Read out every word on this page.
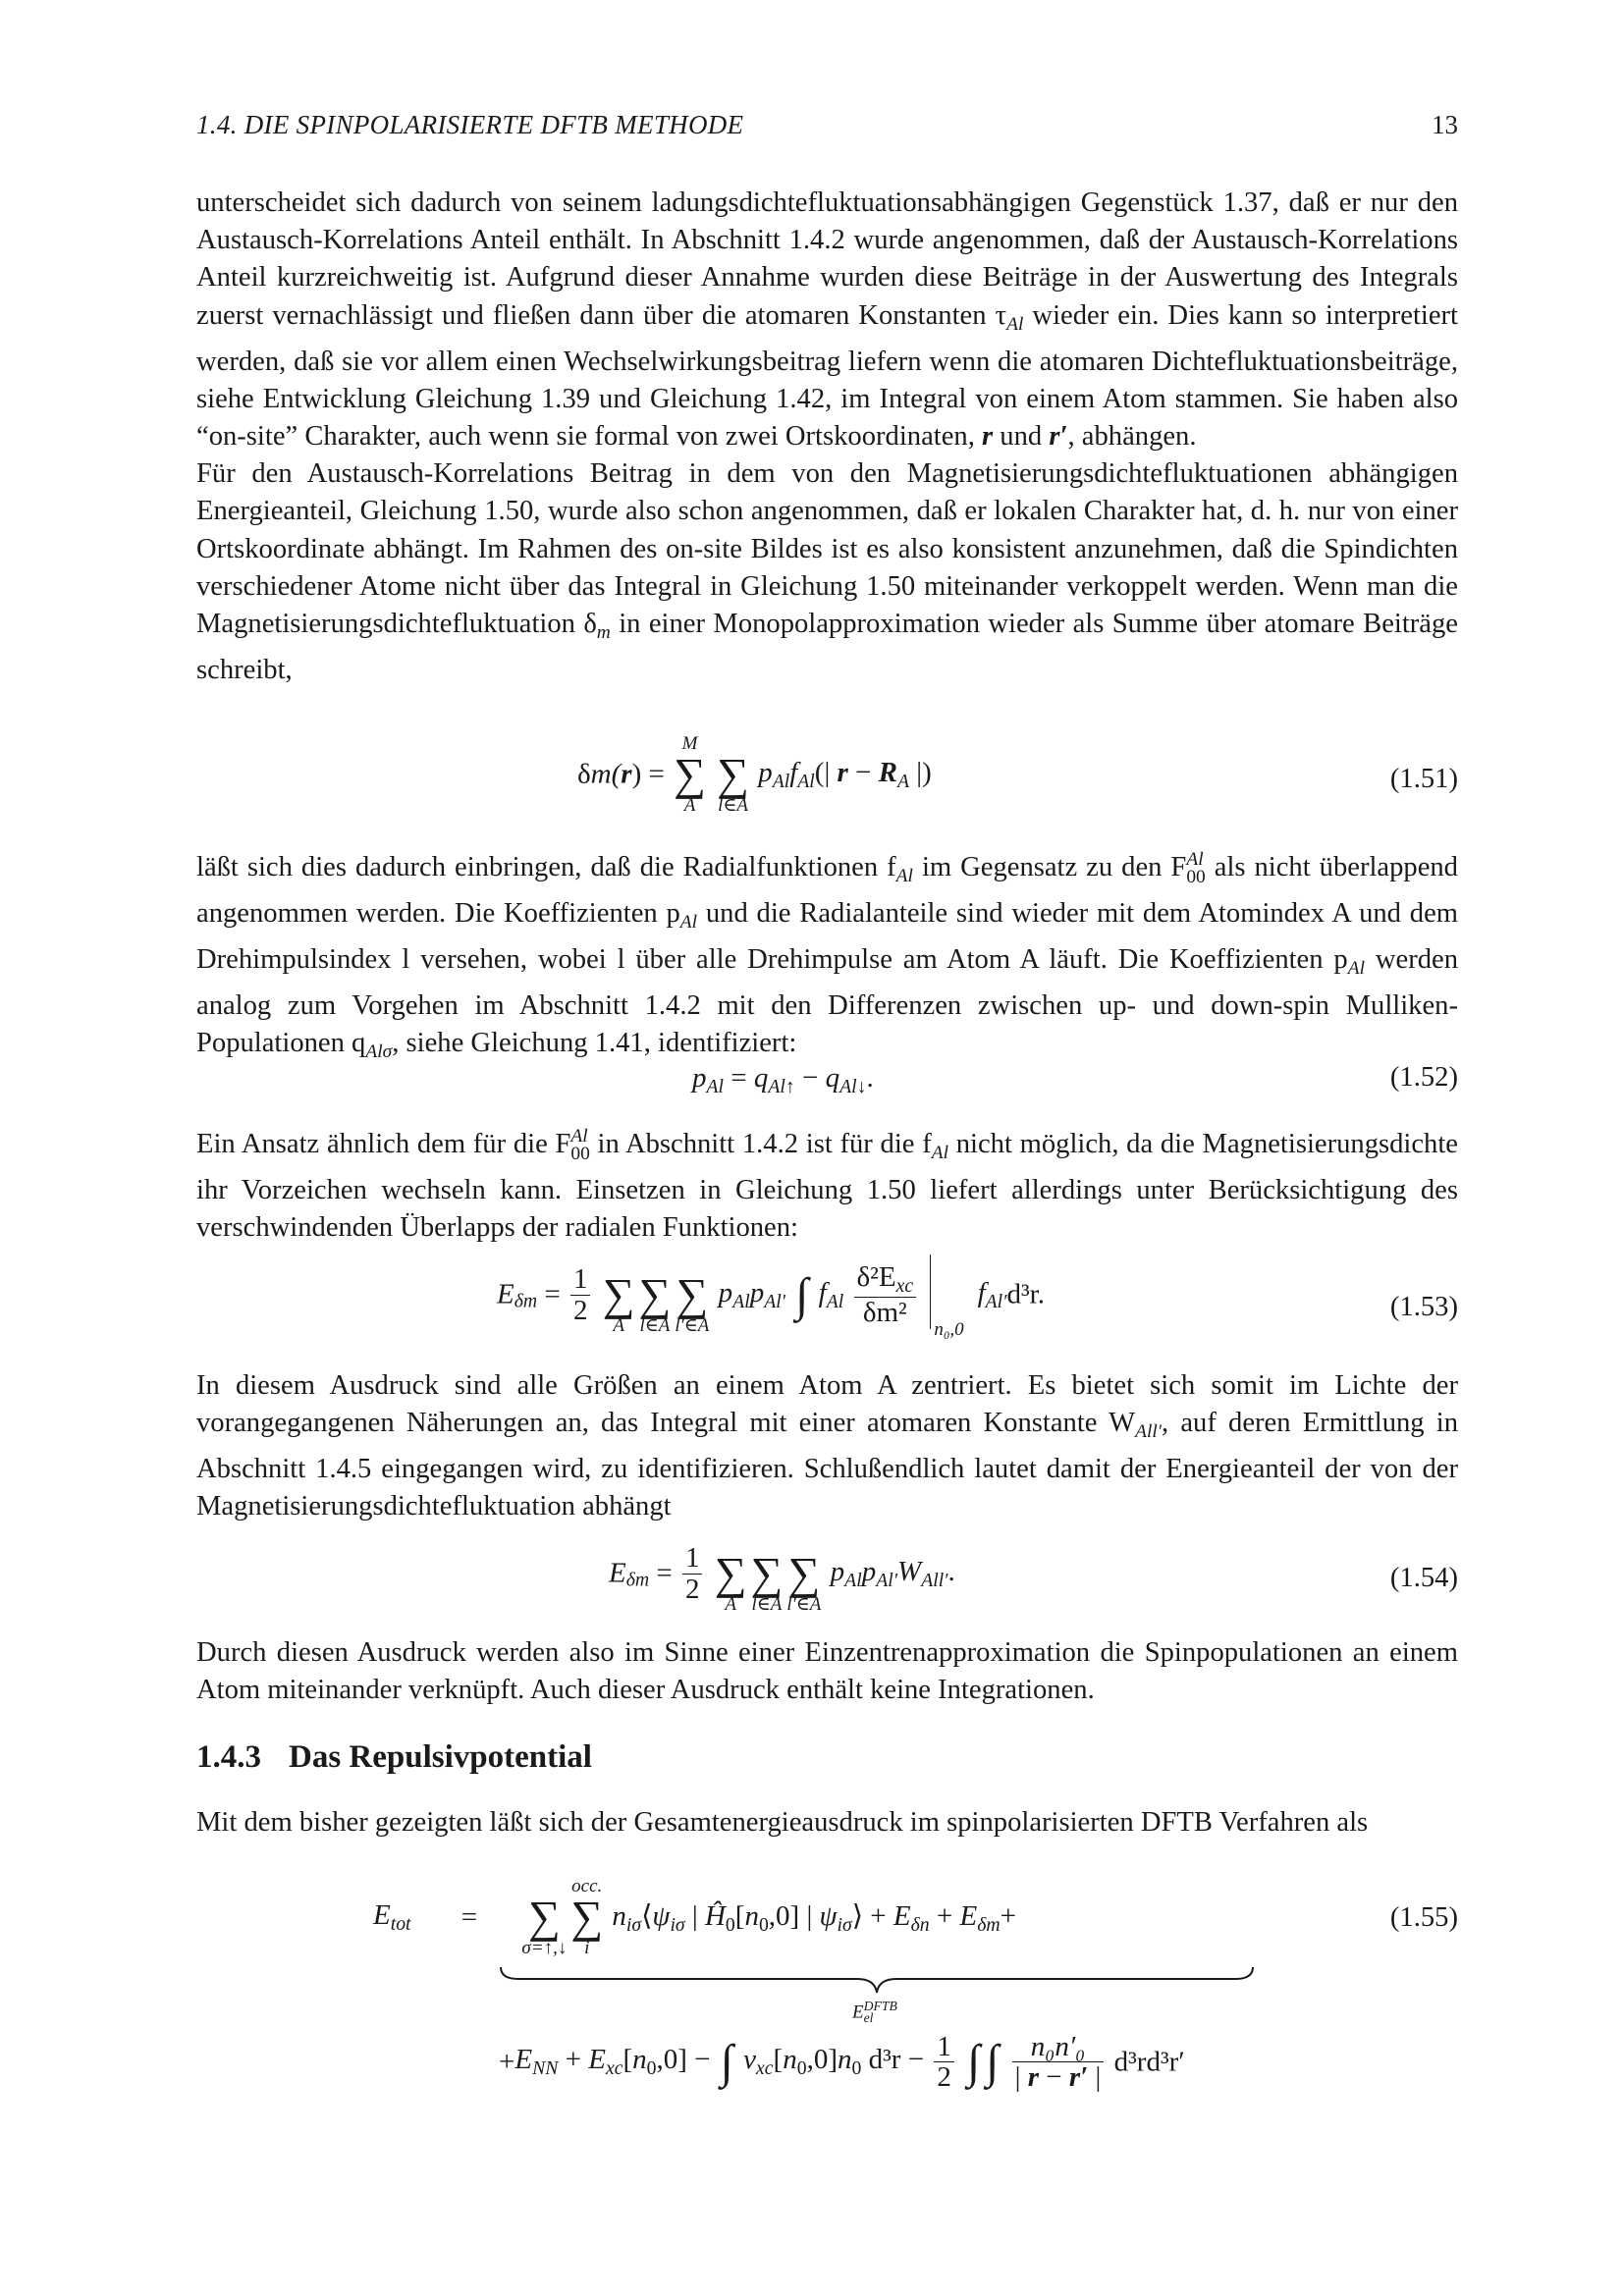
1.4. DIE SPINPOLARISIERTE DFTB METHODE	13
unterscheidet sich dadurch von seinem ladungsdichtefluktuationsabhängigen Gegenstück 1.37, daß er nur den Austausch-Korrelations Anteil enthält. In Abschnitt 1.4.2 wurde angenommen, daß der Austausch-Korrelations Anteil kurzreichweitig ist. Aufgrund dieser Annahme wurden diese Beiträge in der Auswertung des Integrals zuerst vernachlässigt und fließen dann über die atomaren Konstanten $\tau_{Al}$ wieder ein. Dies kann so interpretiert werden, daß sie vor allem einen Wechselwirkungsbeitrag liefern wenn die atomaren Dichtefluktuationsbeiträge, siehe Entwicklung Gleichung 1.39 und Gleichung 1.42, im Integral von einem Atom stammen. Sie haben also “on-site” Charakter, auch wenn sie formal von zwei Ortskoordinaten, r und r′, abhängen.
Für den Austausch-Korrelations Beitrag in dem von den Magnetisierungsdichtefluktuationen abhängigen Energieanteil, Gleichung 1.50, wurde also schon angenommen, daß er lokalen Charakter hat, d. h. nur von einer Ortskoordinate abhängt. Im Rahmen des on-site Bildes ist es also konsistent anzunehmen, daß die Spindichten verschiedener Atome nicht über das Integral in Gleichung 1.50 miteinander verkoppelt werden. Wenn man die Magnetisierungsdichtefluktuation $\delta_m$ in einer Monopolapproximation wieder als Summe über atomare Beiträge schreibt,
δm(r) =
M
∑
A

∑
l∈A
$p_{Al}f_{Al}(|$ $r - R_A$ |)	(1.51)
läßt sich dies dadurch einbringen, daß die Radialfunktionen $f_{Al}$ im Gegensatz zu den F Al
00 als nicht überlappend angenommen werden. Die Koeffizienten $p_{Al}$ und die Radialanteile sind wieder mit dem Atomindex A und dem Drehimpulsindex l versehen, wobei l über alle Drehimpulse am Atom A läuft. Die Koeffizienten $p_{Al}$ werden analog zum Vorgehen im Abschnitt 1.4.2 mit den Differenzen zwischen up- und down-spin Mulliken-Populationen $q_{Al\sigma}$, siehe Gleichung 1.41, identifiziert:
$p_{Al} = q_{Al↑} - q_{Al↓}$.	(1.52)
Ein Ansatz ähnlich dem für die F Al
00 in Abschnitt 1.4.2 ist für die $f_{Al}$ nicht möglich, da die Magnetisierungsdichte ihr Vorzeichen wechseln kann. Einsetzen in Gleichung 1.50 liefert allerdings unter Berücksichtigung des verschwindenden Überlapps der radialen Funktionen:
$E_{\delta m} = \frac{1}{2}$

∑
A

∑
l∈A

∑
l′∈A
$p_{Al}p_{Al'}$ ∫ $f_{Al} \frac{\delta^2E_{xc}}{\text{δm²}}$

n₀,0
$f_{Al'}d^3r$.	(1.53)
In diesem Ausdruck sind alle Größen an einem Atom A zentriert. Es bietet sich somit im Lichte der vorangegangenen Näherungen an, das Integral mit einer atomaren Konstante $W_{All'}$, auf deren Ermittlung in Abschnitt 1.4.5 eingegangen wird, zu identifizieren. Schlußendlich lautet damit der Energieanteil der von der Magnetisierungsdichtefluktuation abhängt
$E_{\delta m} = \frac{1}{2}$

∑
A

∑
l∈A

∑
l′∈A
$p_{Al}p_{Al'}W_{All'}$.	(1.54)
Durch diesen Ausdruck werden also im Sinne einer Einzentrenapproximation die Spinpopulationen an einem Atom miteinander verknüpft. Auch dieser Ausdruck enthält keine Integrationen.
1.4.3 Das Repulsivpotential
Mit dem bisher gezeigten läßt sich der Gesamtenergieausdruck im spinpolarisierten DFTB Verfahren als
$E_{tot}$ =
∑
σ=↑,↓
occ.
∑
i
$n_{i\sigma}⟨\psi_{i\sigma}$ | $Ĥ_0[n_0,0]$ | $\psi_{i\sigma}⟩ + E_{\delta n} + E_{\delta m}+$	(1.55)
E DFTB
el
$+E_{NN} + E_{xc}[n_0,0]$ − ∫ $v_{xc}[n_0,0]n_0$ $d^3r - \frac{1}{2}$ ∫ ∫ $\frac{\text{n₀n′₀}}{| r - r' |} d^3rd^3r'$
